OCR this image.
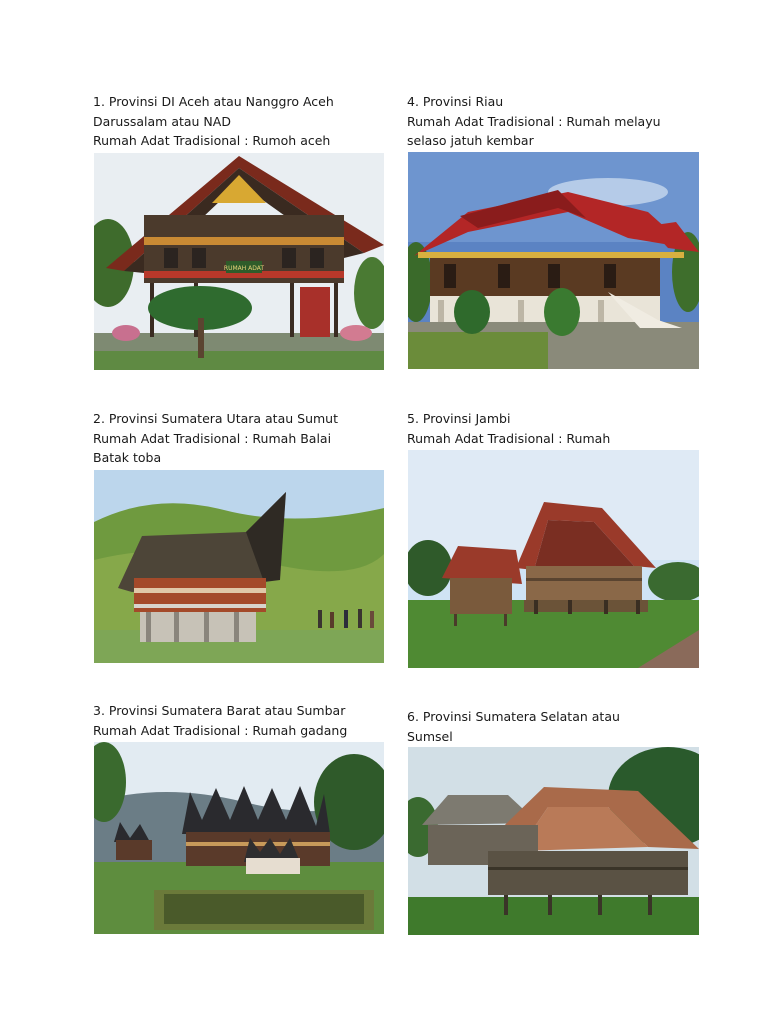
1. Provinsi DI Aceh atau Nanggro Aceh Darussalam atau NAD
Rumah Adat Tradisional : Rumoh aceh
2. Provinsi Sumatera Utara atau Sumut
Rumah Adat Tradisional : Rumah Balai Batak toba
3. Provinsi Sumatera Barat atau Sumbar
Rumah Adat Tradisional : Rumah gadang
4. Provinsi Riau
Rumah Adat Tradisional : Rumah melayu selaso jatuh kembar
5. Provinsi Jambi
Rumah Adat Tradisional : Rumah
6. Provinsi Sumatera Selatan atau Sumsel
RUMAH ADAT
